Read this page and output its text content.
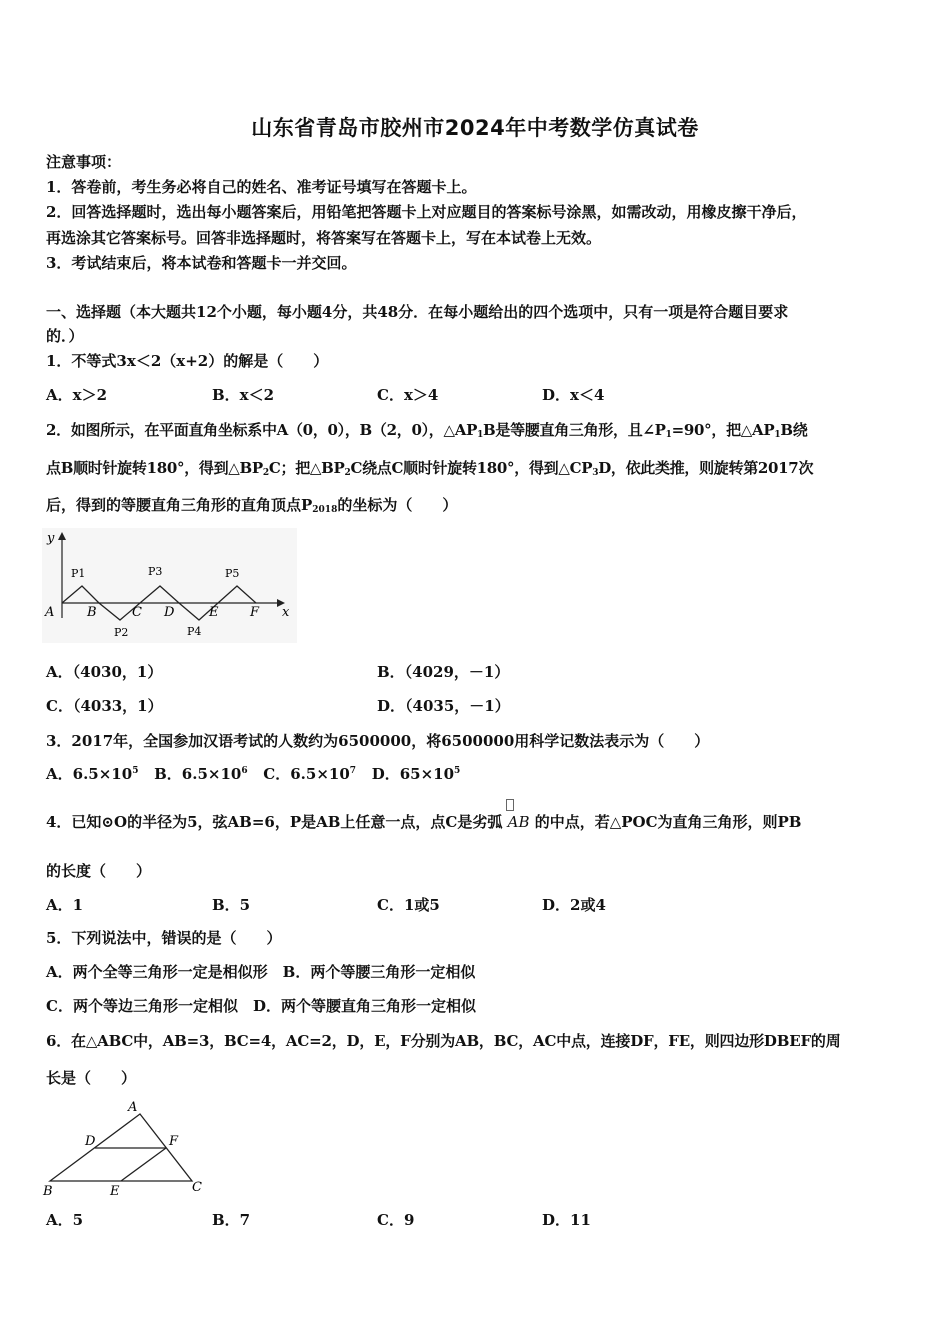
山东省青岛市胶州市2024年中考数学仿真试卷
注意事项：
1．答卷前，考生务必将自己的姓名、准考证号填写在答题卡上。
2．回答选择题时，选出每小题答案后，用铅笔把答题卡上对应题目的答案标号涂黑，如需改动，用橡皮擦干净后，
再选涂其它答案标号。回答非选择题时，将答案写在答题卡上，写在本试卷上无效。
3．考试结束后，将本试卷和答题卡一并交回。
一、选择题（本大题共12个小题，每小题4分，共48分．在每小题给出的四个选项中，只有一项是符合题目要求
的．）
1．不等式3x＜2（x+2）的解是（　　）
A．x＞2	B．x＜2	C．x＞4	D．x＜4
2．如图所示，在平面直角坐标系中A（0，0），B（2，0），$\triangle AP_1B$是等腰直角三角形，且$\angle P_1=90^\circ$，把$\triangle AP_1B$绕
点B顺时针旋转180°，得到$\triangle BP_2C$；把$\triangle BP_2C$绕点C顺时针旋转180°，得到$\triangle CP_3D$，依此类推，则旋转第2017次
后，得到的等腰直角三角形的直角顶点$P_{2018}$的坐标为（　　）
y
x
A	B	C D	E F
P1	P3	P5
P2	P4
A．（4030，1）	B．（4029，－1）
C．（4033，1）	D．（4035，－1）
3．2017年，全国参加汉语考试的人数约为6500000，将6500000用科学记数法表示为（　　）
A．$6.5\times 10^5$ B．$6.5\times 10^6$ C．$6.5\times 10^7$ D．$65\times 10^5$
4．已知⊙O的半径为5，弦AB=6，P是AB上任意一点，点C是劣弧 AB 的中点，若△POC为直角三角形，则PB
的长度（　　）
A．1	B．5	C．1或5	D．2或4
5．下列说法中，错误的是（　　）
A．两个全等三角形一定是相似形　B．两个等腰三角形一定相似
C．两个等边三角形一定相似　D．两个等腰直角三角形一定相似
6．在△ABC中，AB=3，BC=4，AC=2，D，E，F分别为AB，BC，AC中点，连接DF，FE，则四边形DBEF的周
长是（　　）
A
B	C
D
E
F
A．5	B．7	C．9	D．11
